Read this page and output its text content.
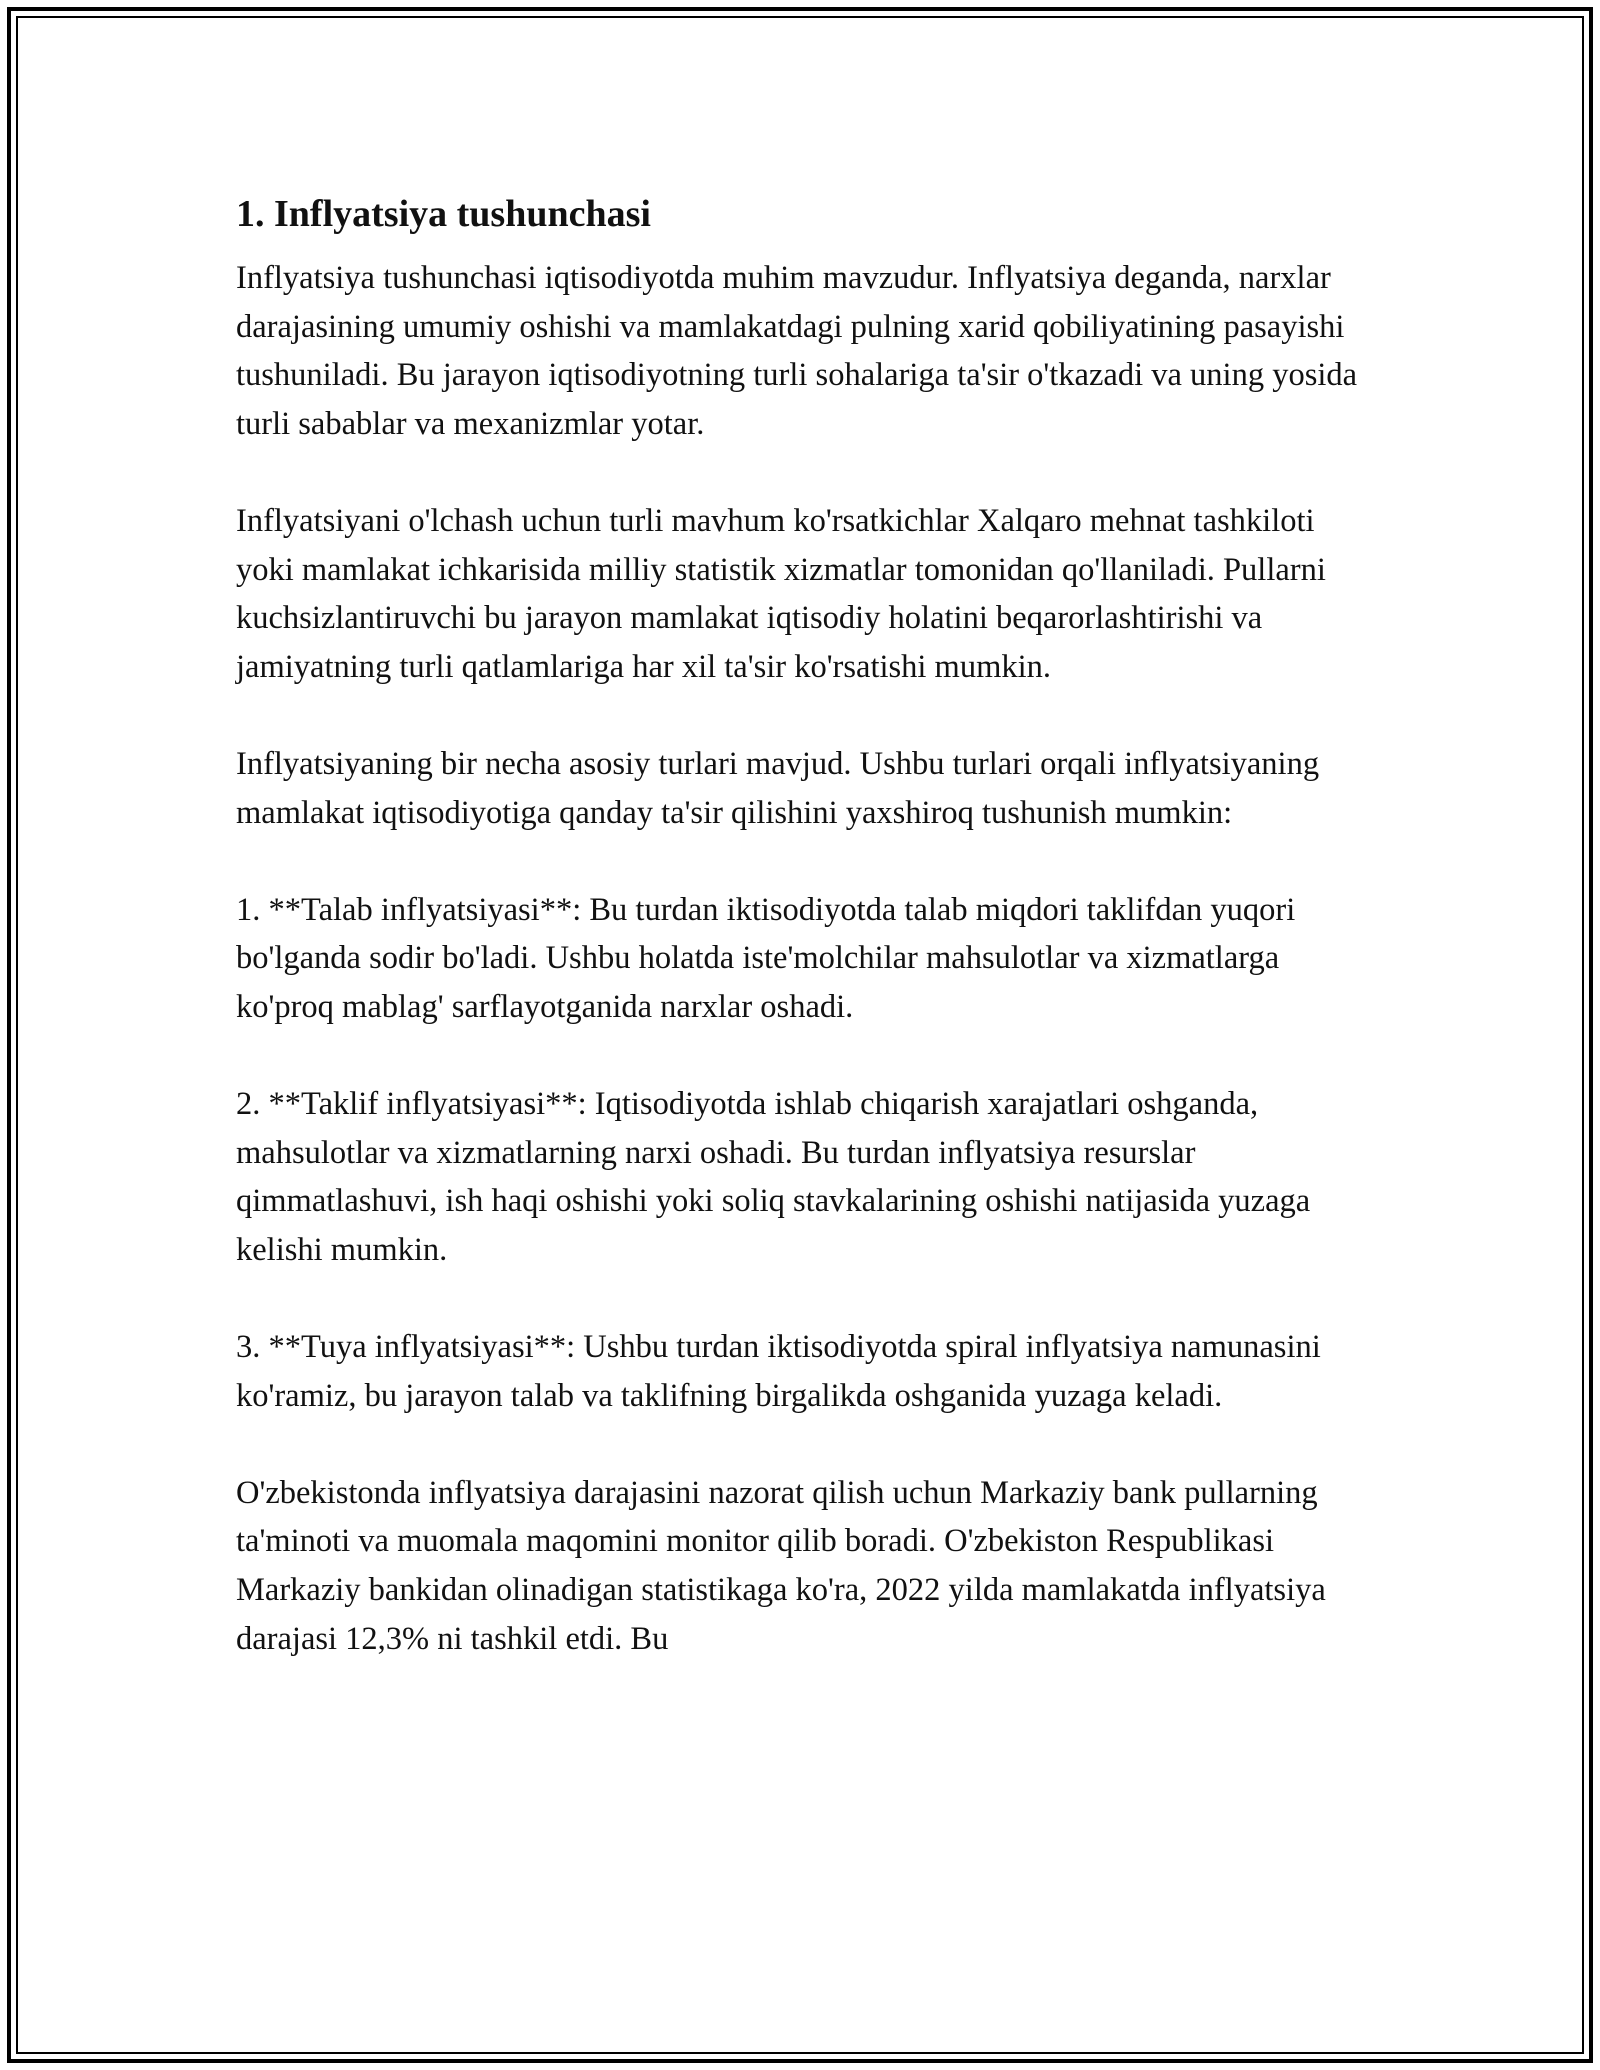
1. Inflyatsiya tushunchasi

Inflyatsiya tushunchasi iqtisodiyotda muhim mavzudur. Inflyatsiya deganda, narxlar darajasining umumiy oshishi va mamlakatdagi pulning xarid qobiliyatining pasayishi tushuniladi. Bu jarayon iqtisodiyotning turli sohalariga ta'sir o'tkazadi va uning yosida turli sabablar va mexanizmlar yotar.

Inflyatsiyani o'lchash uchun turli mavhum ko'rsatkichlar Xalqaro mehnat tashkiloti yoki mamlakat ichkarisida milliy statistik xizmatlar tomonidan qo'llaniladi. Pullarni kuchsizlantiruvchi bu jarayon mamlakat iqtisodiy holatini beqarorlashtirishi va jamiyatning turli qatlamlariga har xil ta'sir ko'rsatishi mumkin.

Inflyatsiyaning bir necha asosiy turlari mavjud. Ushbu turlari orqali inflyatsiyaning mamlakat iqtisodiyotiga qanday ta'sir qilishini yaxshiroq tushunish mumkin:

1. **Talab inflyatsiyasi**: Bu turdan iktisodiyotda talab miqdori taklifdan yuqori bo'lganda sodir bo'ladi. Ushbu holatda iste'molchilar mahsulotlar va xizmatlarga ko'proq mablag' sarflayotganida narxlar oshadi.

2. **Taklif inflyatsiyasi**: Iqtisodiyotda ishlab chiqarish xarajatlari oshganda, mahsulotlar va xizmatlarning narxi oshadi. Bu turdan inflyatsiya resurslar qimmatlashuvi, ish haqi oshishi yoki soliq stavkalarining oshishi natijasida yuzaga kelishi mumkin.

3. **Tuya inflyatsiyasi**: Ushbu turdan iktisodiyotda spiral inflyatsiya namunasini ko'ramiz, bu jarayon talab va taklifning birgalikda oshganida yuzaga keladi.

O'zbekistonda inflyatsiya darajasini nazorat qilish uchun Markaziy bank pullarning ta'minoti va muomala maqomini monitor qilib boradi. O'zbekiston Respublikasi Markaziy bankidan olinadigan statistikaga ko'ra, 2022 yilda mamlakatda inflyatsiya darajasi 12,3% ni tashkil etdi. Bu
